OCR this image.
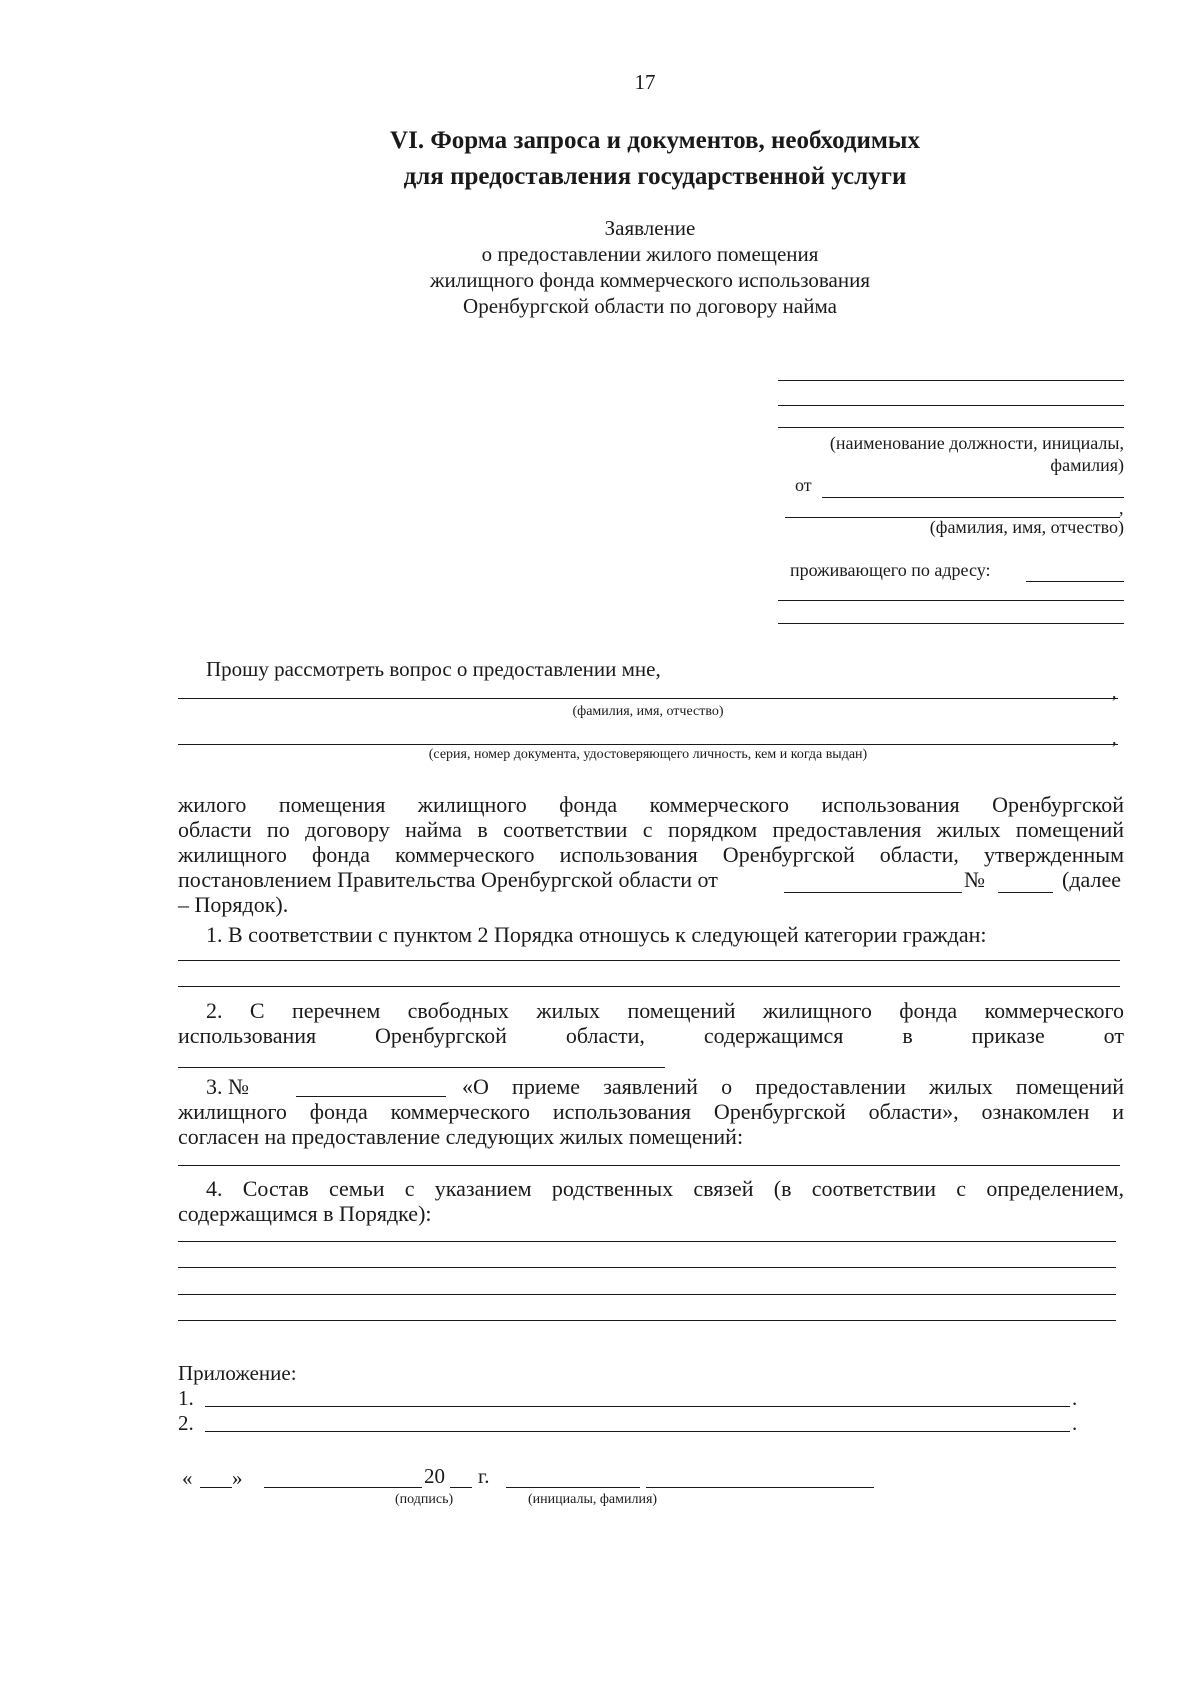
17
VI. Форма запроса и документов, необходимых
для предоставления государственной услуги
Заявление
о предоставлении жилого помещения
жилищного фонда коммерческого использования
Оренбургской области по договору найма
(наименование должности, инициалы,
фамилия)
от
,
(фамилия, имя, отчество)
проживающего по адресу:
Прошу рассмотреть вопрос о предоставлении мне,
,
(фамилия, имя, отчество)
,
(серия, номер документа, удостоверяющего личность, кем и когда выдан)
жилого помещения жилищного фонда коммерческого использования Оренбургской
области по договору найма в соответствии с порядком предоставления жилых помещений
жилищного фонда коммерческого использования Оренбургской области, утвержденным
постановлением Правительства Оренбургской области от	№	(далее
– Порядок).
1. В соответствии с пунктом 2 Порядка отношусь к следующей категории граждан:
2. С перечнем свободных жилых помещений жилищного фонда коммерческого
использования Оренбургской области, содержащимся в приказе от
3. №	«О приеме заявлений о предоставлении жилых помещений
жилищного фонда коммерческого использования Оренбургской области», ознакомлен и
согласен на предоставление следующих жилых помещений:
4. Состав семьи с указанием родственных связей (в соответствии с определением,
содержащимся в Порядке):
Приложение:
1.	.
2.	.
« »	20 г.
(подпись)	(инициалы, фамилия)
